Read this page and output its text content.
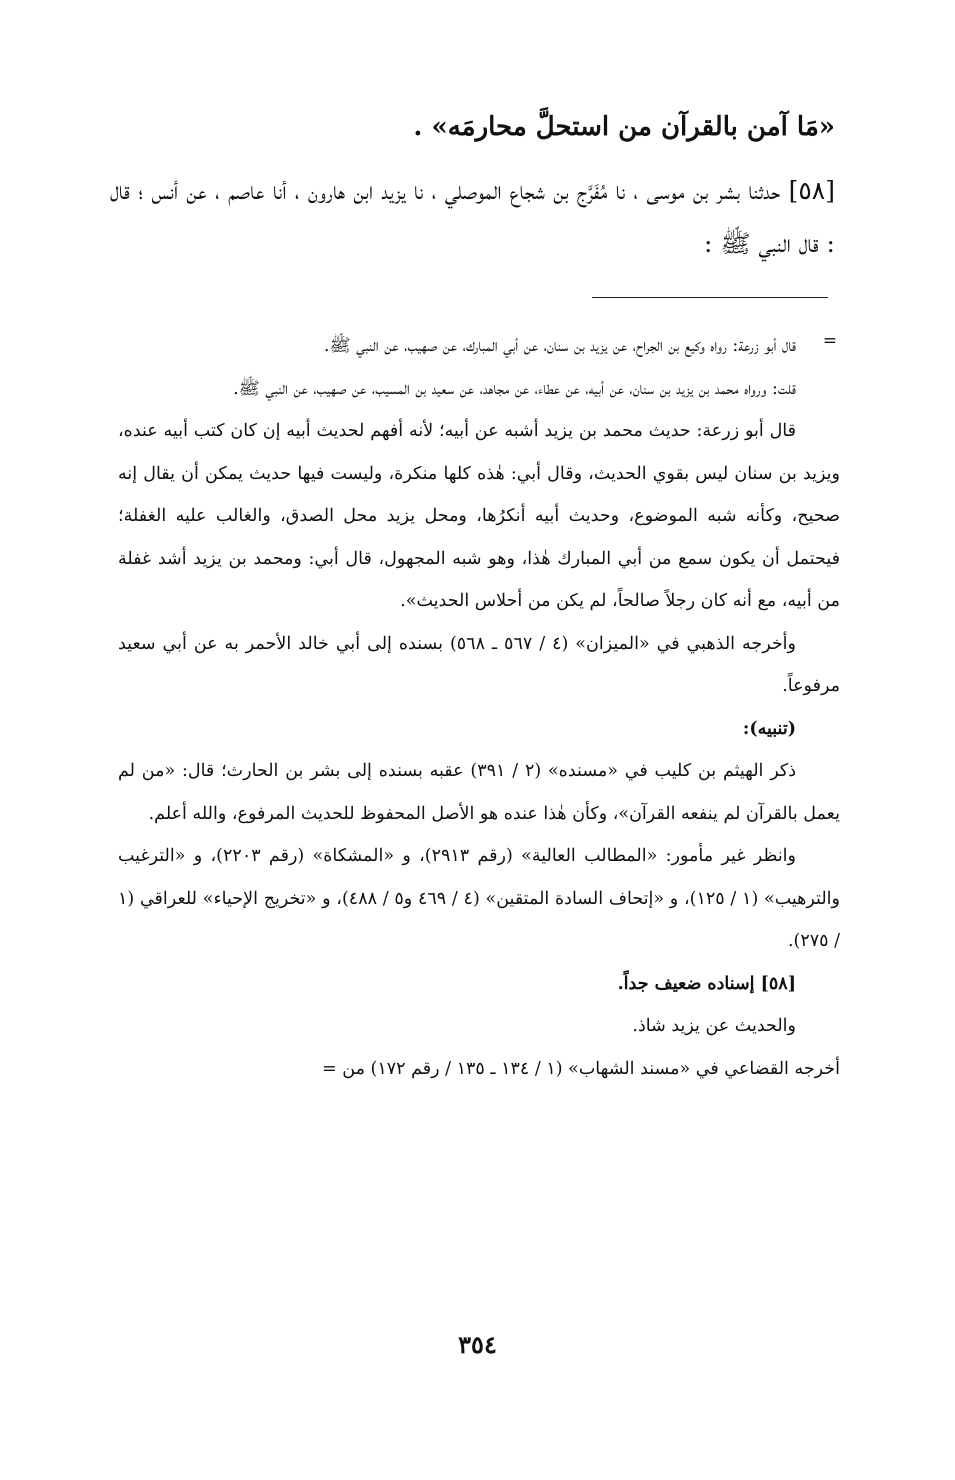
«مَا آمن بالقرآن من استحلَّ محارمَه» .

[٥٨] حدثنا بشر بن موسى ، نا مُفَرَّج بن شجاع الموصلي ، نا يزيد ابن هارون ، أنا عاصم ، عن أنس ؛ قال : قال النبي ﷺ :

=

قال أبو زرعة: رواه وكيع بن الجراح، عن يزيد بن سنان، عن أبي المبارك، عن صهيب، عن النبي ﷺ.

قلت: ورواه محمد بن يزيد بن سنان، عن أبيه، عن عطاء، عن مجاهد، عن سعيد بن المسيب، عن صهيب، عن النبي ﷺ.

قال أبو زرعة: حديث محمد بن يزيد أشبه عن أبيه؛ لأنه أفهم لحديث أبيه إن كان كتب أبيه عنده، ويزيد بن سنان ليس بقوي الحديث، وقال أبي: هٰذه كلها منكرة، وليست فيها حديث يمكن أن يقال إنه صحيح، وكأنه شبه الموضوع، وحديث أبيه أنكرُها، ومحل يزيد محل الصدق، والغالب عليه الغفلة؛ فيحتمل أن يكون سمع من أبي المبارك هٰذا، وهو شبه المجهول، قال أبي: ومحمد بن يزيد أشد غفلة من أبيه، مع أنه كان رجلاً صالحاً، لم يكن من أحلاس الحديث».

وأخرجه الذهبي في «الميزان» (٤ / ٥٦٧ ـ ٥٦٨) بسنده إلى أبي خالد الأحمر به عن أبي سعيد مرفوعاً.

(تنبيه):

ذكر الهيثم بن كليب في «مسنده» (٢ / ٣٩١) عقبه بسنده إلى بشر بن الحارث؛ قال: «من لم يعمل بالقرآن لم ينفعه القرآن»، وكأن هٰذا عنده هو الأصل المحفوظ للحديث المرفوع، والله أعلم.

وانظر غير مأمور: «المطالب العالية» (رقم ٢٩١٣)، و «المشكاة» (رقم ٢٢٠٣)، و «الترغيب والترهيب» (١ / ١٢٥)، و «إتحاف السادة المتقين» (٤ / ٤٦٩ و٥ / ٤٨٨)، و «تخريج الإحياء» للعراقي (١ / ٢٧٥).

[٥٨] إسناده ضعيف جداً.

والحديث عن يزيد شاذ.

أخرجه القضاعي في «مسند الشهاب» (١ / ١٣٤ ـ ١٣٥ / رقم ١٧٢) من =

٣٥٤
